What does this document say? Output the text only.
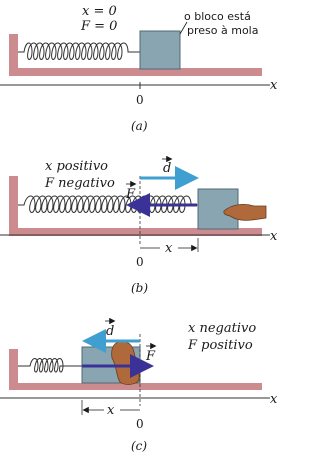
x = 0
F = 0
o bloco está
preso à mola
x
0
(a)
d
F
x positivo
F negativo
x
x
0
(b)
d
F
x negativo
F positivo
x
x
0
(c)
